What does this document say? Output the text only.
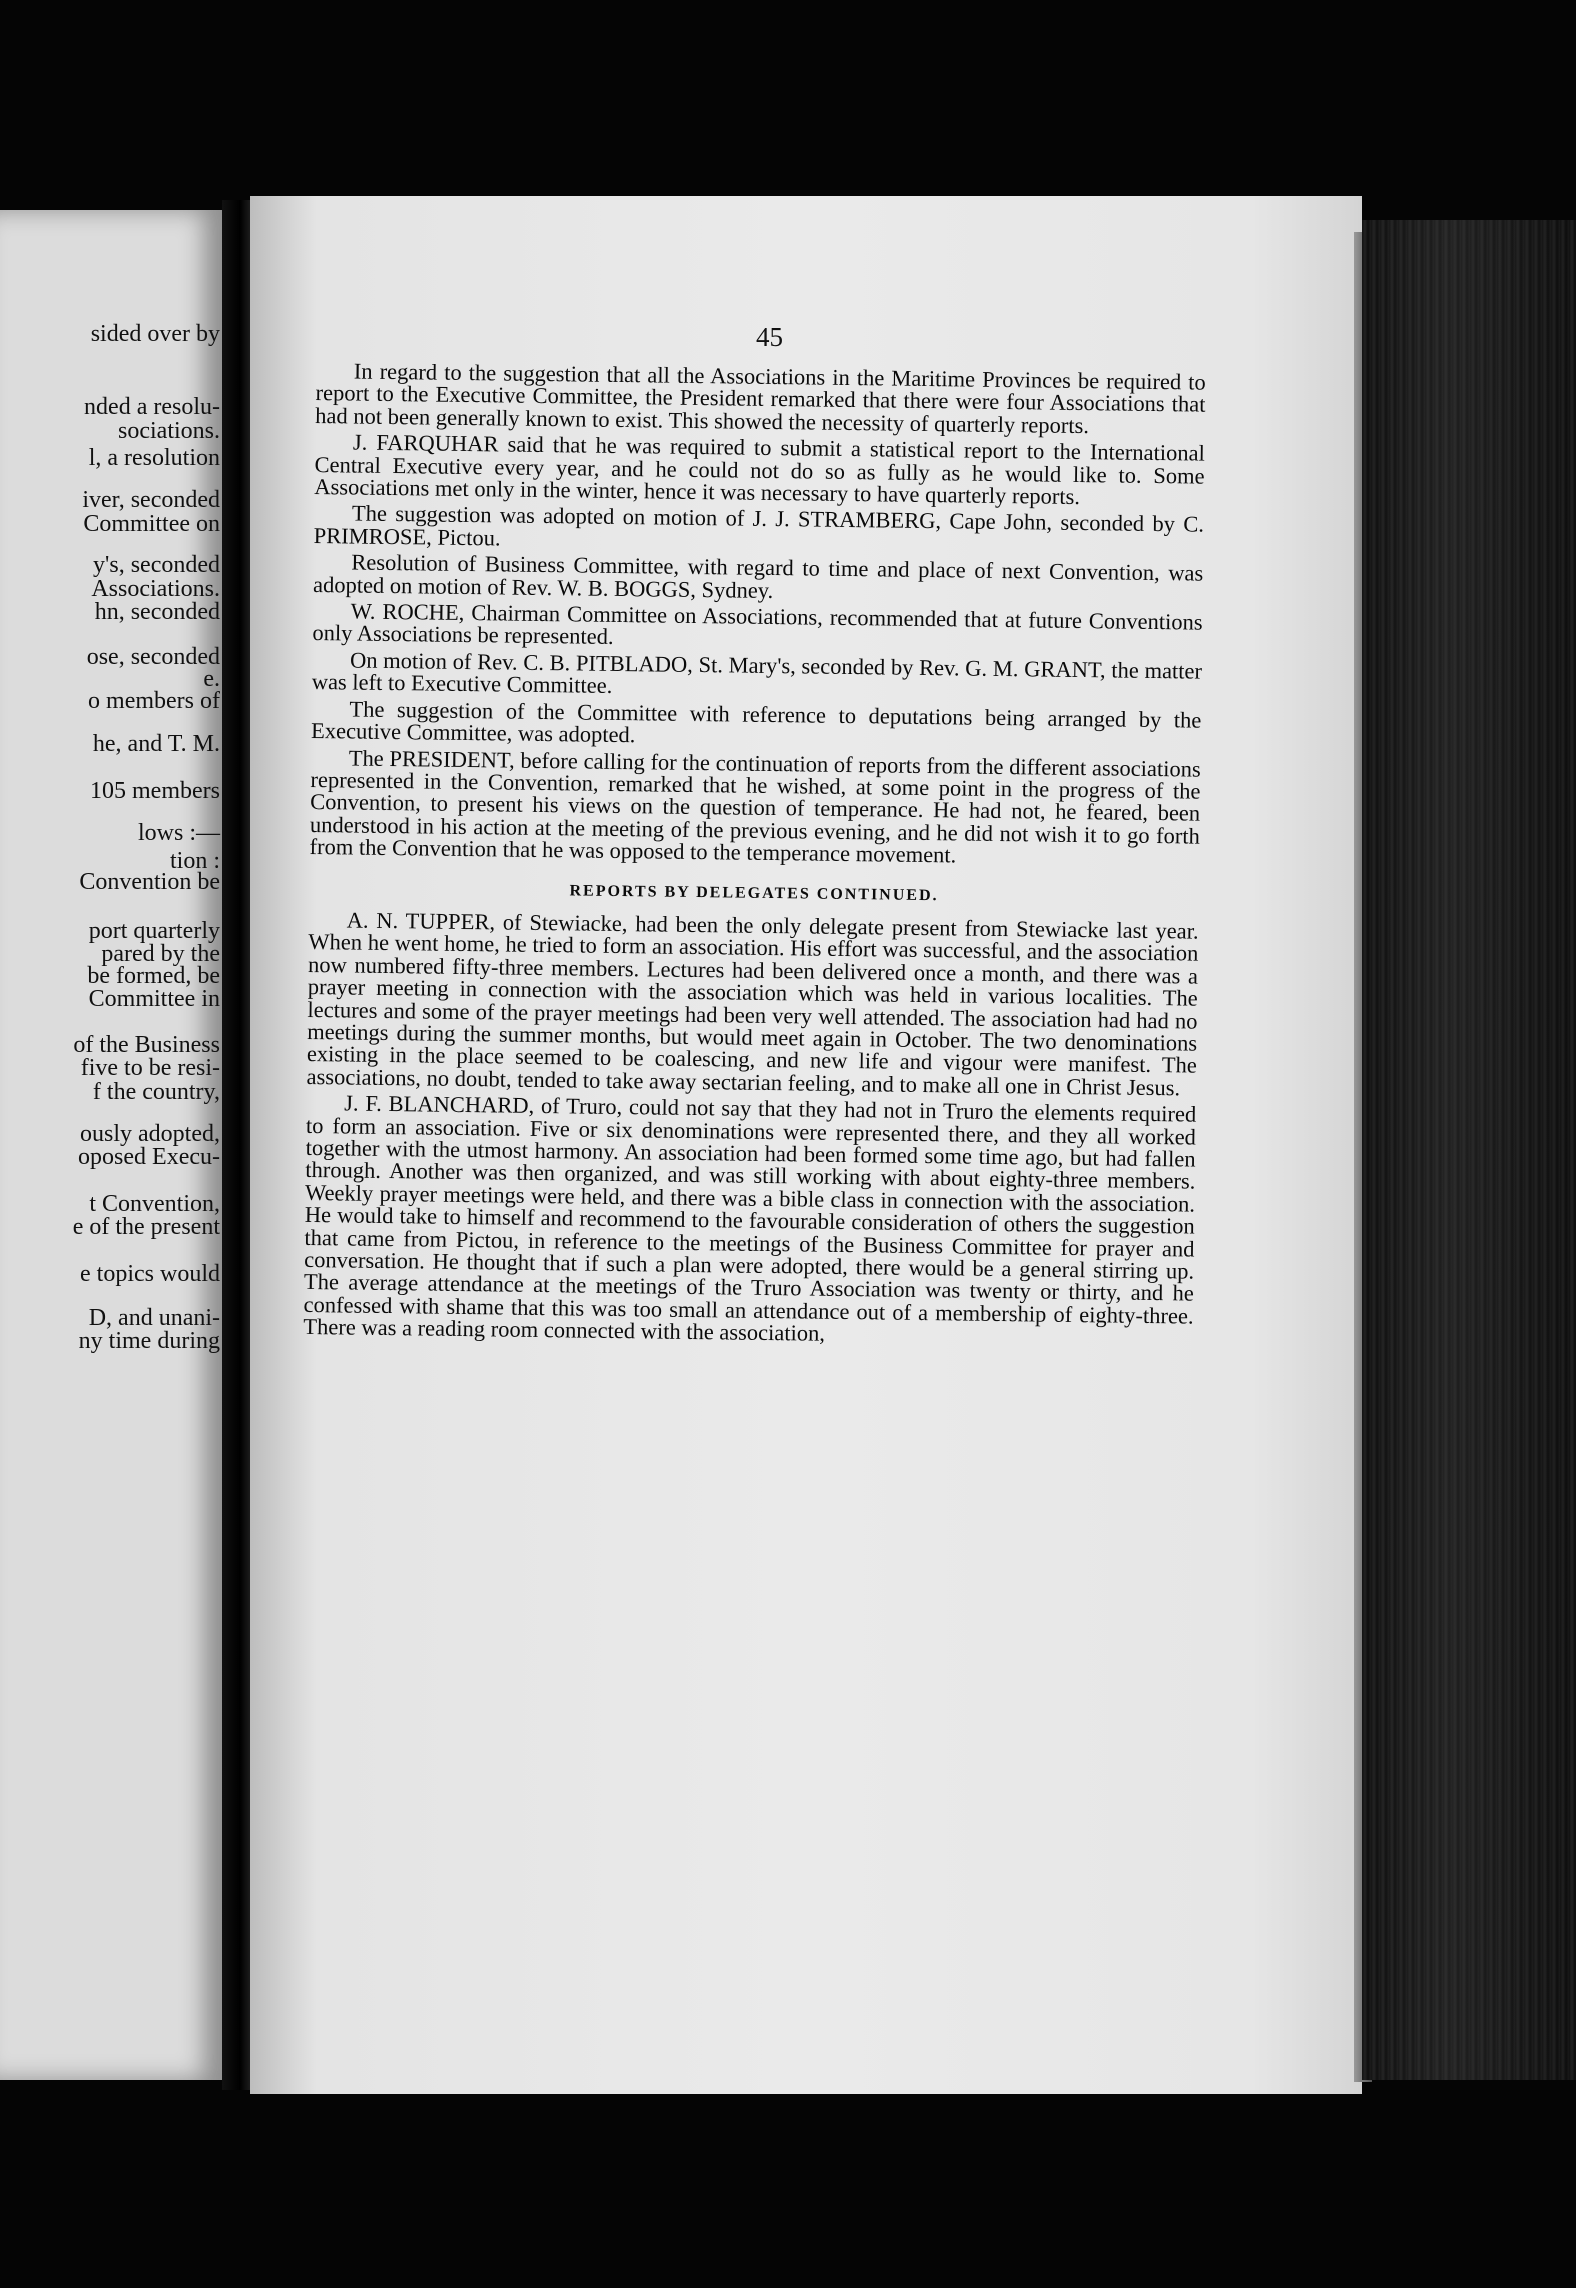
sided over by
nded a resolu-
sociations.
l, a resolution
iver, seconded
Committee on
y's, seconded
Associations.
hn, seconded
ose, seconded
e.
o members of
he, and T. M.
105 members
lows :—
tion :
Convention be
port quarterly
pared by the
be formed, be
Committee in
of the Business
five to be resi-
f the country,
ously adopted,
oposed Execu-
t Convention,
e of the present
e topics would
D, and unani-
ny time during
45

In regard to the suggestion that all the Associations in the Maritime Provinces be required to report to the Executive Committee, the President remarked that there were four Associations that had not been generally known to exist. This showed the necessity of quarterly reports.

J. FARQUHAR said that he was required to submit a statistical report to the International Central Executive every year, and he could not do so as fully as he would like to. Some Associations met only in the winter, hence it was necessary to have quarterly reports.

The suggestion was adopted on motion of J. J. STRAMBERG, Cape John, seconded by C. PRIMROSE, Pictou.

Resolution of Business Committee, with regard to time and place of next Convention, was adopted on motion of Rev. W. B. BOGGS, Sydney.

W. ROCHE, Chairman Committee on Associations, recommended that at future Conventions only Associations be represented.

On motion of Rev. C. B. PITBLADO, St. Mary's, seconded by Rev. G. M. GRANT, the matter was left to Executive Committee.

The suggestion of the Committee with reference to deputations being arranged by the Executive Committee, was adopted.

The PRESIDENT, before calling for the continuation of reports from the different associations represented in the Convention, remarked that he wished, at some point in the progress of the Convention, to present his views on the question of temperance. He had not, he feared, been understood in his action at the meeting of the previous evening, and he did not wish it to go forth from the Convention that he was opposed to the temperance movement.

REPORTS BY DELEGATES CONTINUED.

A. N. TUPPER, of Stewiacke, had been the only delegate present from Stewiacke last year. When he went home, he tried to form an association. His effort was successful, and the association now numbered fifty-three members. Lectures had been delivered once a month, and there was a prayer meeting in connection with the association which was held in various localities. The lectures and some of the prayer meetings had been very well attended. The association had had no meetings during the summer months, but would meet again in October. The two denominations existing in the place seemed to be coalescing, and new life and vigour were manifest. The associations, no doubt, tended to take away sectarian feeling, and to make all one in Christ Jesus.

J. F. BLANCHARD, of Truro, could not say that they had not in Truro the elements required to form an association. Five or six denominations were represented there, and they all worked together with the utmost harmony. An association had been formed some time ago, but had fallen through. Another was then organized, and was still working with about eighty-three members. Weekly prayer meetings were held, and there was a bible class in connection with the association. He would take to himself and recommend to the favourable consideration of others the suggestion that came from Pictou, in reference to the meetings of the Business Committee for prayer and conversation. He thought that if such a plan were adopted, there would be a general stirring up. The average attendance at the meetings of the Truro Association was twenty or thirty, and he confessed with shame that this was too small an attendance out of a membership of eighty-three. There was a reading room connected with the association,
